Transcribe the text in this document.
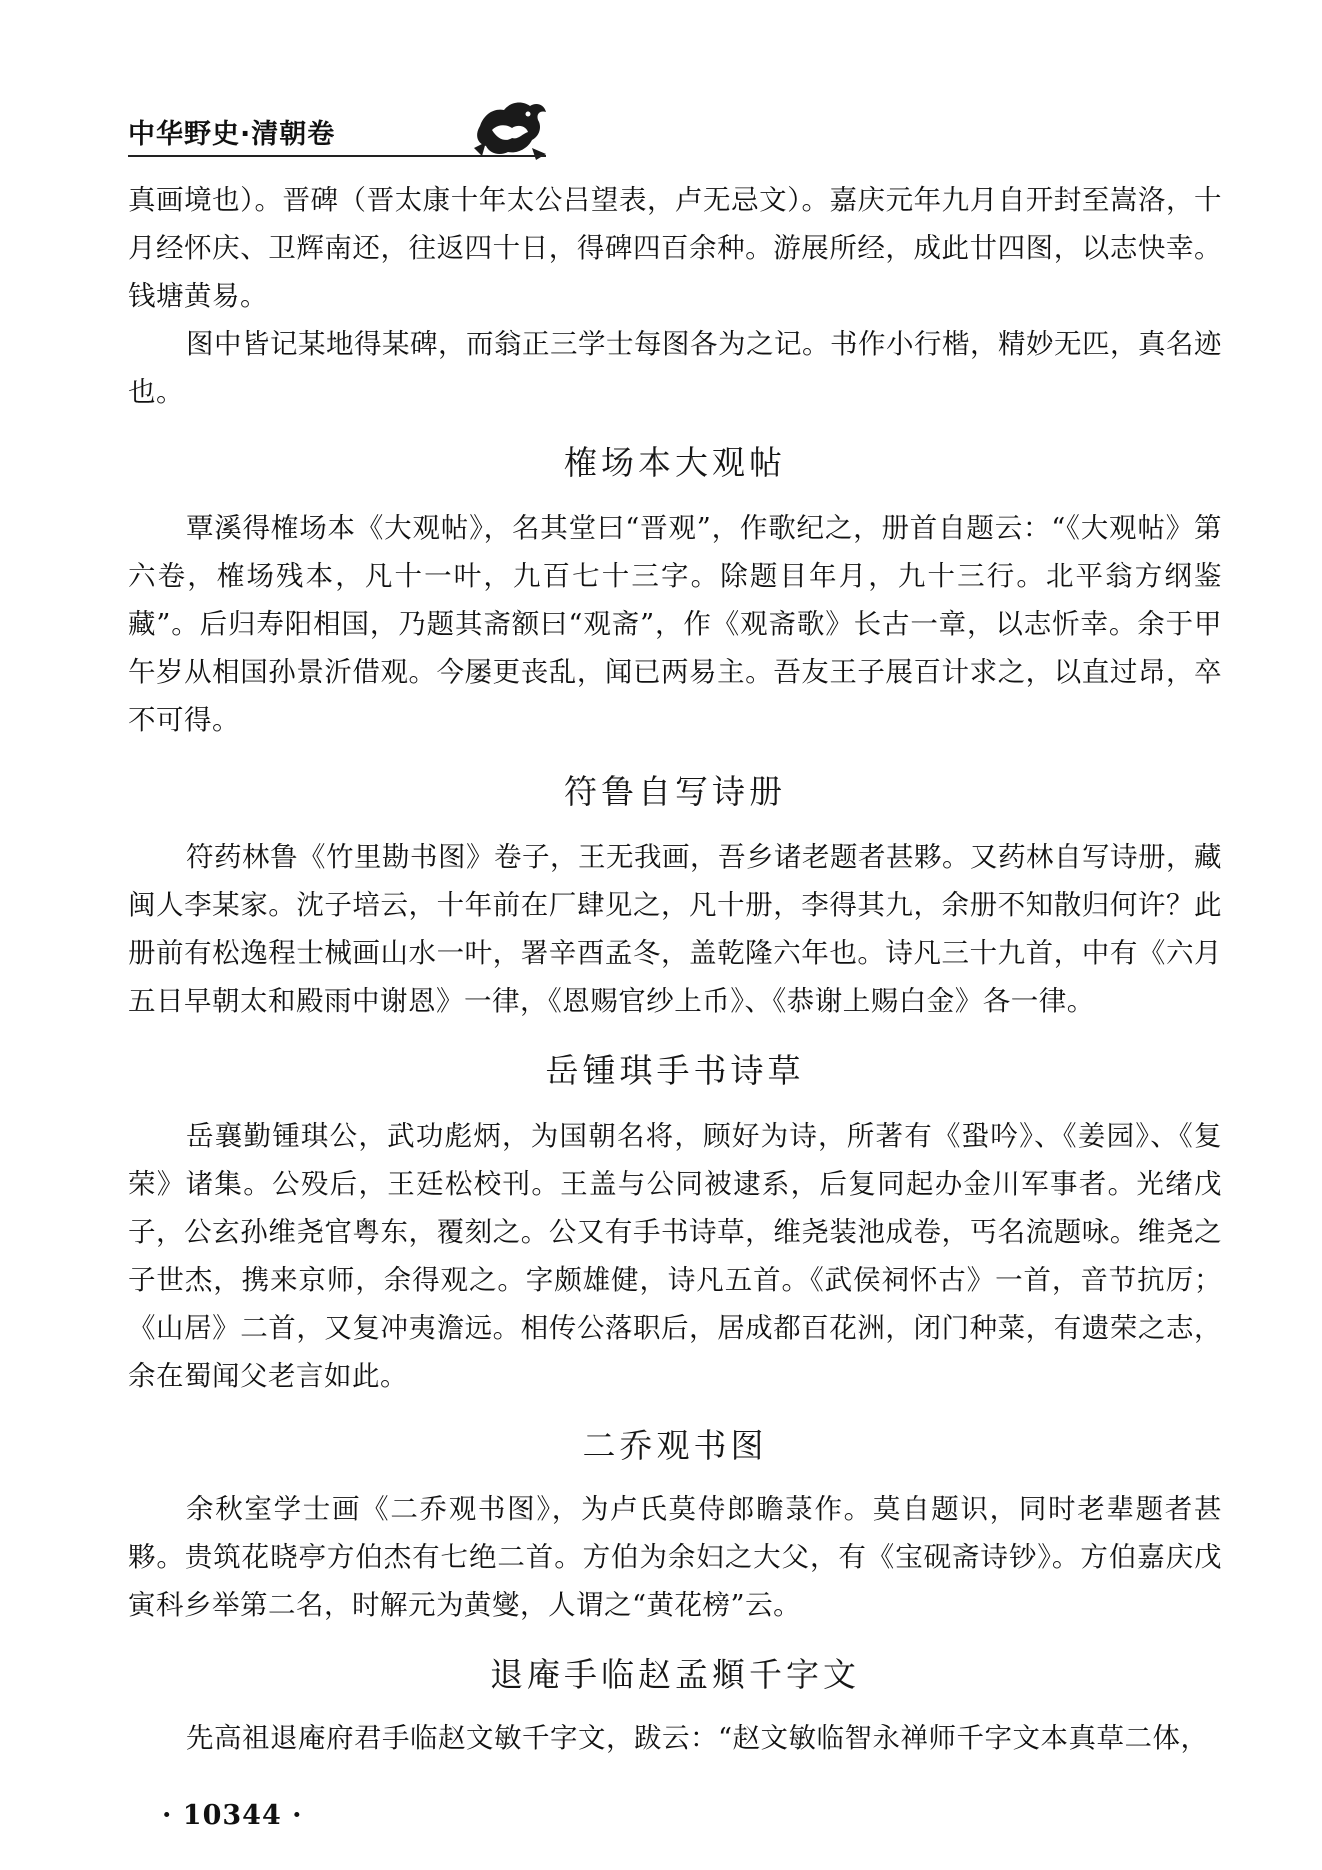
中华野史·清朝卷

真画境也）。晋碑（晋太康十年太公吕望表，卢无忌文）。嘉庆元年九月自开封至嵩洛，十月经怀庆、卫辉南还，往返四十日，得碑四百余种。游展所经，成此廿四图，以志快幸。钱塘黄易。

图中皆记某地得某碑，而翁正三学士每图各为之记。书作小行楷，精妙无匹，真名迹也。

榷场本大观帖

覃溪得榷场本《大观帖》，名其堂曰“晋观”，作歌纪之，册首自题云：“《大观帖》第六卷，榷场残本，凡十一叶，九百七十三字。除题目年月，九十三行。北平翁方纲鉴藏”。后归寿阳相国，乃题其斋额曰“观斋”，作《观斋歌》长古一章，以志忻幸。余于甲午岁从相国孙景沂借观。今屡更丧乱，闻已两易主。吾友王子展百计求之，以直过昂，卒不可得。

符鲁自写诗册

符药林鲁《竹里勘书图》卷子，王无我画，吾乡诸老题者甚夥。又药林自写诗册，藏闽人李某家。沈子培云，十年前在厂肆见之，凡十册，李得其九，余册不知散归何许？此册前有松逸程士械画山水一叶，署辛酉孟冬，盖乾隆六年也。诗凡三十九首，中有《六月五日早朝太和殿雨中谢恩》一律，《恩赐官纱上币》、《恭谢上赐白金》各一律。

岳锺琪手书诗草

岳襄勤锺琪公，武功彪炳，为国朝名将，顾好为诗，所著有《蛩吟》、《姜园》、《复荣》诸集。公殁后，王廷松校刊。王盖与公同被逮系，后复同起办金川军事者。光绪戊子，公玄孙维尧官粤东，覆刻之。公又有手书诗草，维尧装池成卷，丐名流题咏。维尧之子世杰，携来京师，余得观之。字颇雄健，诗凡五首。《武侯祠怀古》一首，音节抗厉；《山居》二首，又复冲夷澹远。相传公落职后，居成都百花洲，闭门种菜，有遗荣之志，余在蜀闻父老言如此。

二乔观书图

余秋室学士画《二乔观书图》，为卢氏莫侍郎瞻菉作。莫自题识，同时老辈题者甚夥。贵筑花晓亭方伯杰有七绝二首。方伯为余妇之大父，有《宝砚斋诗钞》。方伯嘉庆戊寅科乡举第二名，时解元为黄燮，人谓之“黄花榜”云。

退庵手临赵孟頫千字文

先高祖退庵府君手临赵文敏千字文，跋云：“赵文敏临智永禅师千字文本真草二体，

· 10344 ·
